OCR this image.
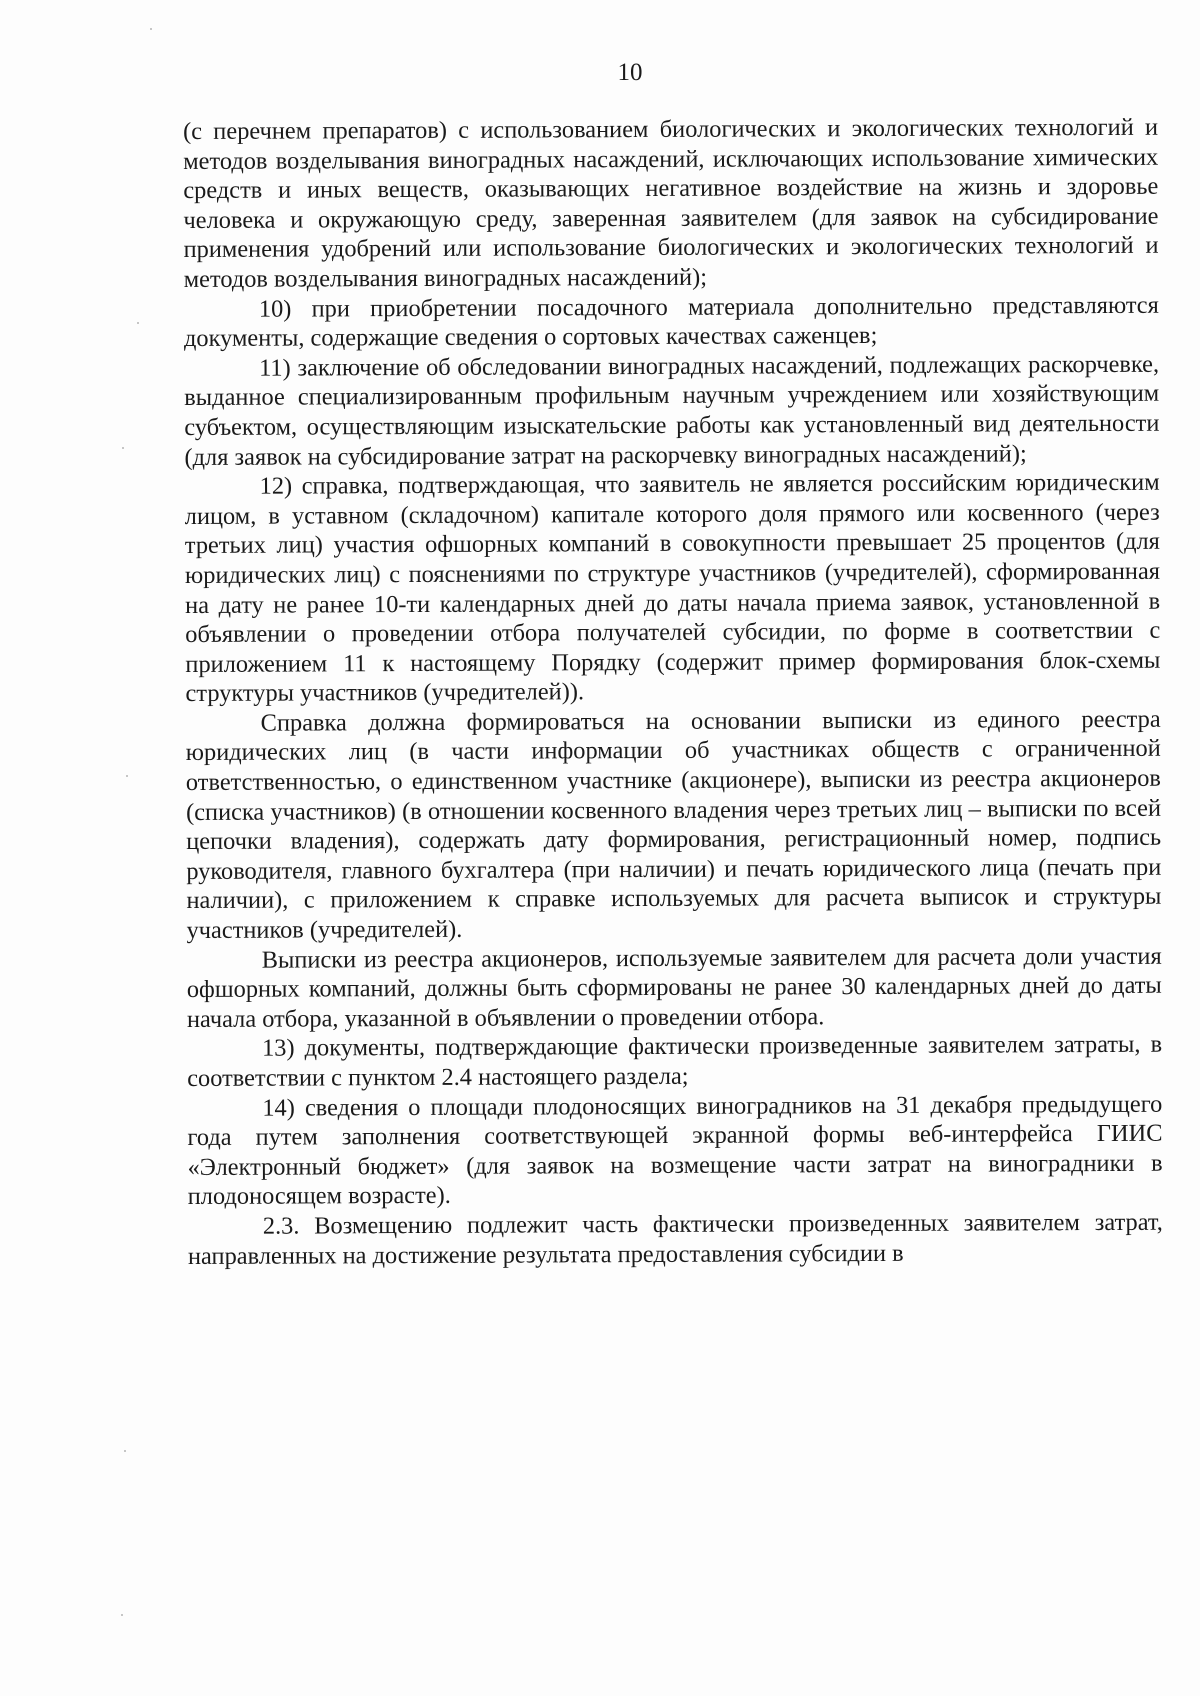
10

(с перечнем препаратов) с использованием биологических и экологических технологий и методов возделывания виноградных насаждений, исключающих использование химических средств и иных веществ, оказывающих негативное воздействие на жизнь и здоровье человека и окружающую среду, заверенная заявителем (для заявок на субсидирование применения удобрений или использование биологических и экологических технологий и методов возделывания виноградных насаждений);

10) при приобретении посадочного материала дополнительно представляются документы, содержащие сведения о сортовых качествах саженцев;

11) заключение об обследовании виноградных насаждений, подлежащих раскорчевке, выданное специализированным профильным научным учреждением или хозяйствующим субъектом, осуществляющим изыскательские работы как установленный вид деятельности (для заявок на субсидирование затрат на раскорчевку виноградных насаждений);

12) справка, подтверждающая, что заявитель не является российским юридическим лицом, в уставном (складочном) капитале которого доля прямого или косвенного (через третьих лиц) участия офшорных компаний в совокупности превышает 25 процентов (для юридических лиц) с пояснениями по структуре участников (учредителей), сформированная на дату не ранее 10-ти календарных дней до даты начала приема заявок, установленной в объявлении о проведении отбора получателей субсидии, по форме в соответствии с приложением 11 к настоящему Порядку (содержит пример формирования блок-схемы структуры участников (учредителей)).

Справка должна формироваться на основании выписки из единого реестра юридических лиц (в части информации об участниках обществ с ограниченной ответственностью, о единственном участнике (акционере), выписки из реестра акционеров (списка участников) (в отношении косвенного владения через третьих лиц – выписки по всей цепочки владения), содержать дату формирования, регистрационный номер, подпись руководителя, главного бухгалтера (при наличии) и печать юридического лица (печать при наличии), с приложением к справке используемых для расчета выписок и структуры участников (учредителей).

Выписки из реестра акционеров, используемые заявителем для расчета доли участия офшорных компаний, должны быть сформированы не ранее 30 календарных дней до даты начала отбора, указанной в объявлении о проведении отбора.

13) документы, подтверждающие фактически произведенные заявителем затраты, в соответствии с пунктом 2.4 настоящего раздела;

14) сведения о площади плодоносящих виноградников на 31 декабря предыдущего года путем заполнения соответствующей экранной формы веб-интерфейса ГИИС «Электронный бюджет» (для заявок на возмещение части затрат на виноградники в плодоносящем возрасте).

2.3. Возмещению подлежит часть фактически произведенных заявителем затрат, направленных на достижение результата предоставления субсидии в
